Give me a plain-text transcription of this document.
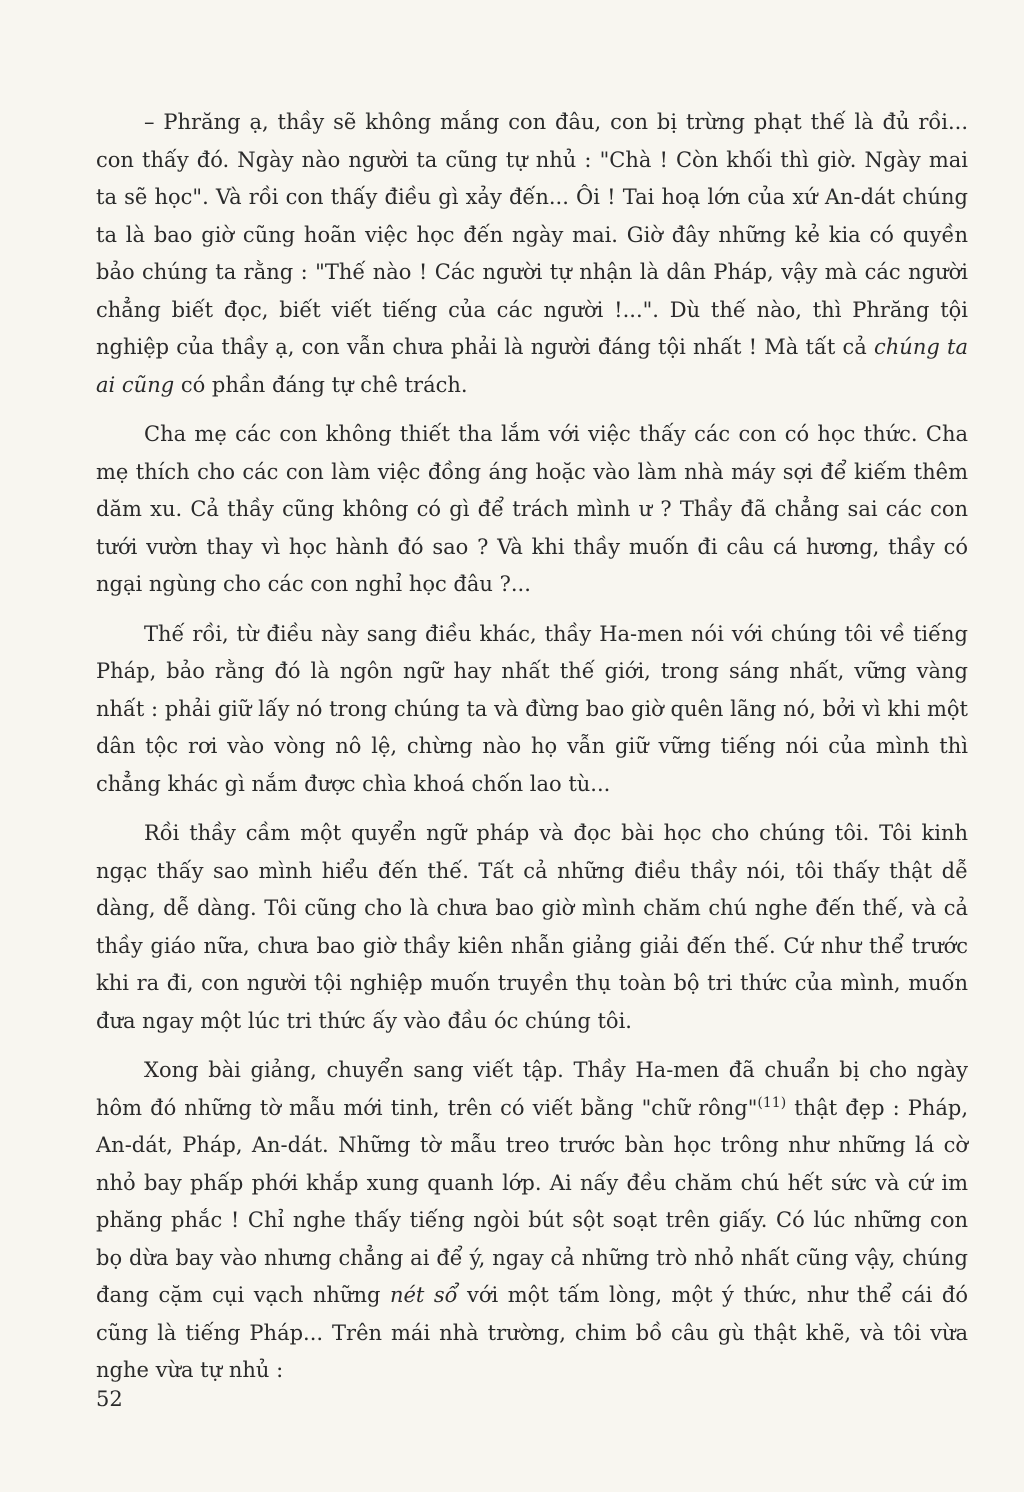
– Phrăng ạ, thầy sẽ không mắng con đâu, con bị trừng phạt thế là đủ rồi... con thấy đó. Ngày nào người ta cũng tự nhủ : "Chà ! Còn khối thì giờ. Ngày mai ta sẽ học". Và rồi con thấy điều gì xảy đến... Ôi ! Tai hoạ lớn của xứ An-dát chúng ta là bao giờ cũng hoãn việc học đến ngày mai. Giờ đây những kẻ kia có quyền bảo chúng ta rằng : "Thế nào ! Các người tự nhận là dân Pháp, vậy mà các người chẳng biết đọc, biết viết tiếng của các người !...". Dù thế nào, thì Phrăng tội nghiệp của thầy ạ, con vẫn chưa phải là người đáng tội nhất ! Mà tất cả chúng ta ai cũng có phần đáng tự chê trách.

Cha mẹ các con không thiết tha lắm với việc thấy các con có học thức. Cha mẹ thích cho các con làm việc đồng áng hoặc vào làm nhà máy sợi để kiếm thêm dăm xu. Cả thầy cũng không có gì để trách mình ư ? Thầy đã chẳng sai các con tưới vườn thay vì học hành đó sao ? Và khi thầy muốn đi câu cá hương, thầy có ngại ngùng cho các con nghỉ học đâu ?...

Thế rồi, từ điều này sang điều khác, thầy Ha-men nói với chúng tôi về tiếng Pháp, bảo rằng đó là ngôn ngữ hay nhất thế giới, trong sáng nhất, vững vàng nhất : phải giữ lấy nó trong chúng ta và đừng bao giờ quên lãng nó, bởi vì khi một dân tộc rơi vào vòng nô lệ, chừng nào họ vẫn giữ vững tiếng nói của mình thì chẳng khác gì nắm được chìa khoá chốn lao tù...

Rồi thầy cầm một quyển ngữ pháp và đọc bài học cho chúng tôi. Tôi kinh ngạc thấy sao mình hiểu đến thế. Tất cả những điều thầy nói, tôi thấy thật dễ dàng, dễ dàng. Tôi cũng cho là chưa bao giờ mình chăm chú nghe đến thế, và cả thầy giáo nữa, chưa bao giờ thầy kiên nhẫn giảng giải đến thế. Cứ như thể trước khi ra đi, con người tội nghiệp muốn truyền thụ toàn bộ tri thức của mình, muốn đưa ngay một lúc tri thức ấy vào đầu óc chúng tôi.

Xong bài giảng, chuyển sang viết tập. Thầy Ha-men đã chuẩn bị cho ngày hôm đó những tờ mẫu mới tinh, trên có viết bằng "chữ rông"$^{(11)}$ thật đẹp : Pháp, An-dát, Pháp, An-dát. Những tờ mẫu treo trước bàn học trông như những lá cờ nhỏ bay phấp phới khắp xung quanh lớp. Ai nấy đều chăm chú hết sức và cứ im phăng phắc ! Chỉ nghe thấy tiếng ngòi bút sột soạt trên giấy. Có lúc những con bọ dừa bay vào nhưng chẳng ai để ý, ngay cả những trò nhỏ nhất cũng vậy, chúng đang cặm cụi vạch những nét sổ với một tấm lòng, một ý thức, như thể cái đó cũng là tiếng Pháp... Trên mái nhà trường, chim bồ câu gù thật khẽ, và tôi vừa nghe vừa tự nhủ :

52
